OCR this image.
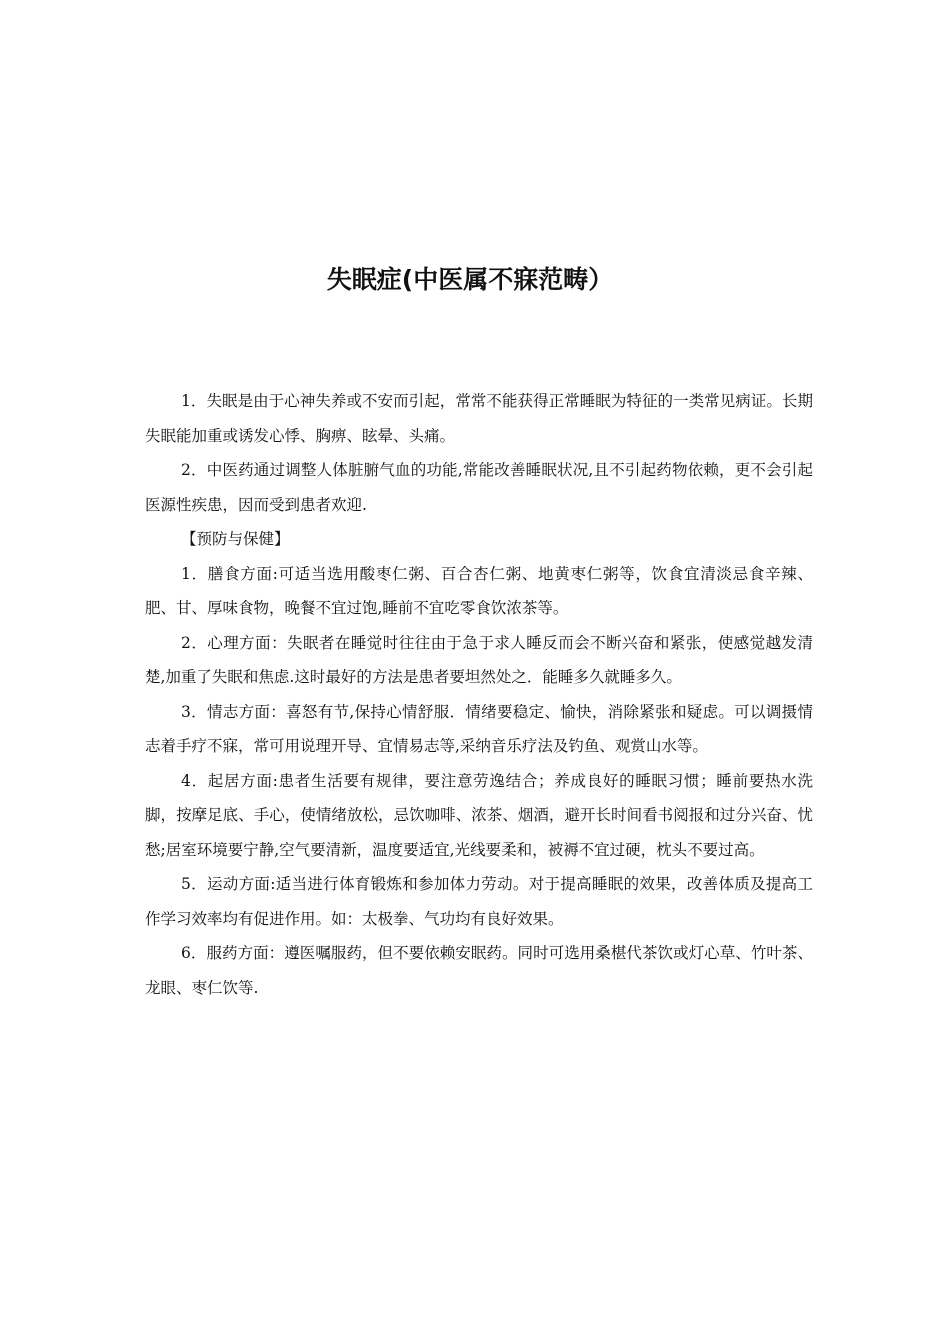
失眠症(中医属不寐范畴）

1．失眠是由于心神失养或不安而引起，常常不能获得正常睡眠为特征的一类常见病证。长期失眠能加重或诱发心悸、胸痹、眩晕、头痛。

2．中医药通过调整人体脏腑气血的功能,常能改善睡眠状况,且不引起药物依赖，更不会引起医源性疾患，因而受到患者欢迎.

【预防与保健】

1．膳食方面:可适当选用酸枣仁粥、百合杏仁粥、地黄枣仁粥等，饮食宜清淡忌食辛辣、肥、甘、厚味食物，晚餐不宜过饱,睡前不宜吃零食饮浓茶等。

2．心理方面：失眠者在睡觉时往往由于急于求人睡反而会不断兴奋和紧张，使感觉越发清楚,加重了失眠和焦虑.这时最好的方法是患者要坦然处之．能睡多久就睡多久。

3．情志方面：喜怒有节,保持心情舒服．情绪要稳定、愉快，消除紧张和疑虑。可以调摄情志着手疗不寐，常可用说理开导、宜情易志等,采纳音乐疗法及钓鱼、观赏山水等。

4．起居方面:患者生活要有规律，要注意劳逸结合；养成良好的睡眠习惯；睡前要热水洗脚，按摩足底、手心，使情绪放松，忌饮咖啡、浓茶、烟酒，避开长时间看书阅报和过分兴奋、忧愁;居室环境要宁静,空气要清新，温度要适宜,光线要柔和，被褥不宜过硬，枕头不要过高。

5．运动方面:适当进行体育锻炼和参加体力劳动。对于提高睡眠的效果，改善体质及提高工作学习效率均有促进作用。如：太极拳、气功均有良好效果。

6．服药方面：遵医嘱服药，但不要依赖安眠药。同时可选用桑椹代茶饮或灯心草、竹叶茶、龙眼、枣仁饮等.
